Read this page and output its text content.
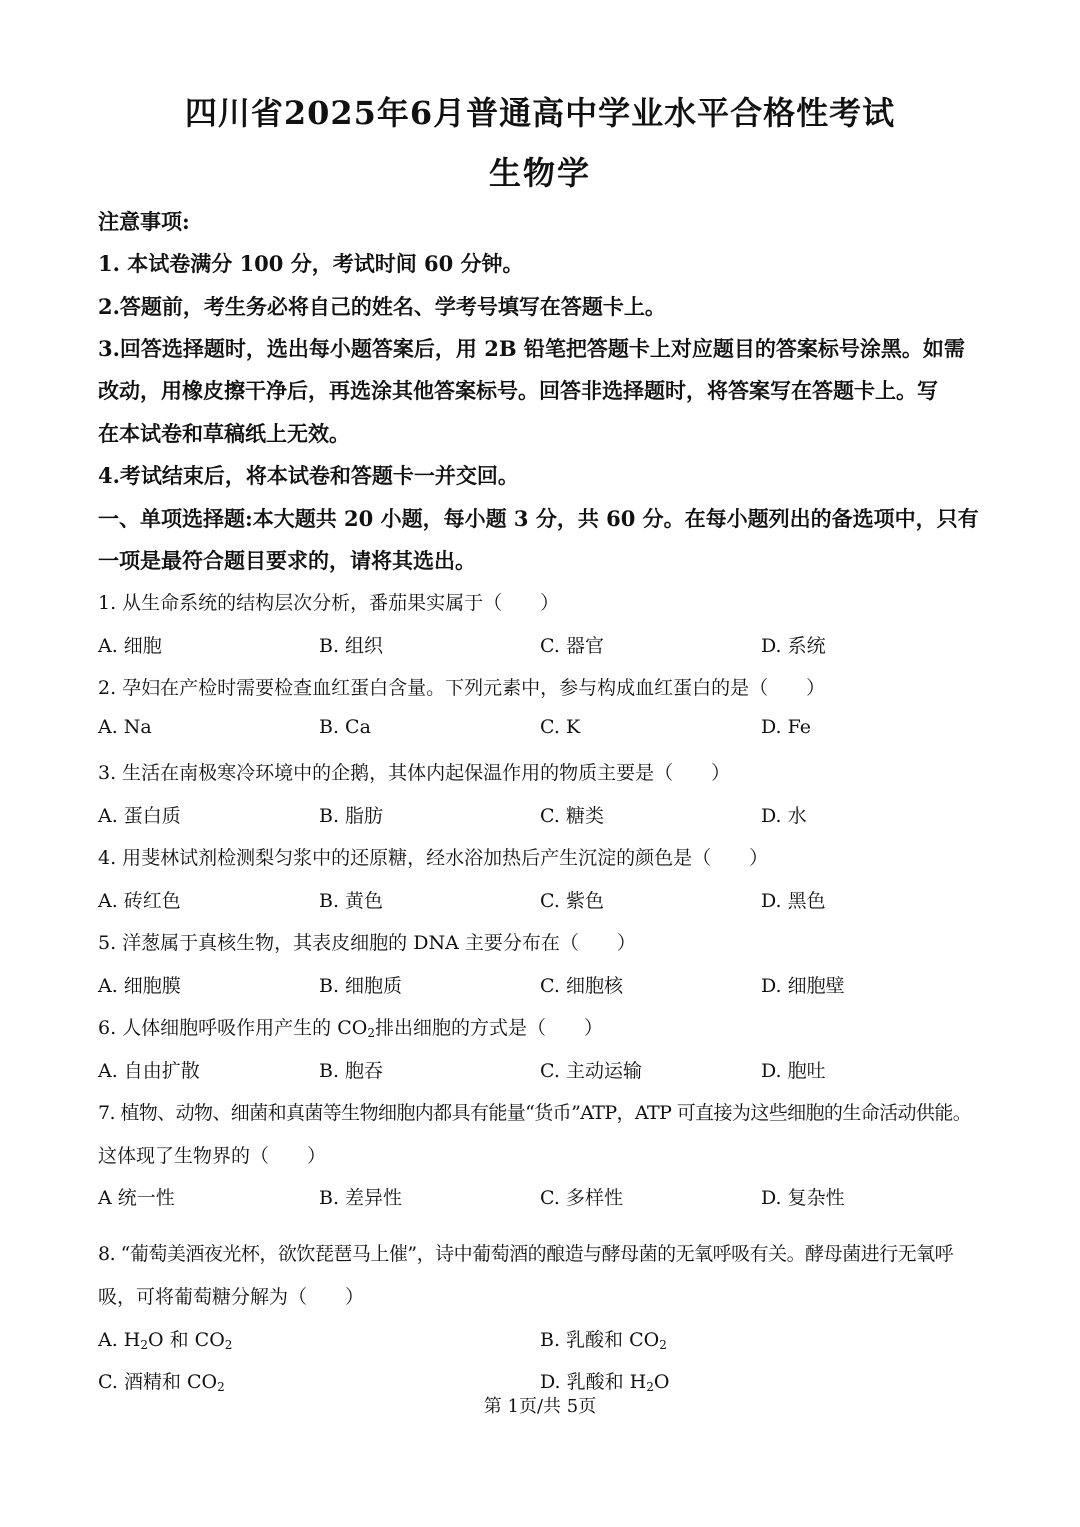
四川省2025年6月普通高中学业水平合格性考试
生物学
注意事项:
1. 本试卷满分 100 分，考试时间 60 分钟。
2.答题前，考生务必将自己的姓名、学考号填写在答题卡上。
3.回答选择题时，选出每小题答案后，用 2B 铅笔把答题卡上对应题目的答案标号涂黑。如需
改动，用橡皮擦干净后，再选涂其他答案标号。回答非选择题时，将答案写在答题卡上。写
在本试卷和草稿纸上无效。
4.考试结束后，将本试卷和答题卡一并交回。
一、单项选择题:本大题共 20 小题，每小题 3 分，共 60 分。在每小题列出的备选项中，只有
一项是最符合题目要求的，请将其选出。
1. 从生命系统的结构层次分析，番茄果实属于（　　）
A. 细胞	B. 组织	C. 器官	D. 系统
2. 孕妇在产检时需要检查血红蛋白含量。下列元素中，参与构成血红蛋白的是（　　）
A. Na	B. Ca	C. K	D. Fe
3. 生活在南极寒冷环境中的企鹅，其体内起保温作用的物质主要是（　　）
A. 蛋白质	B. 脂肪	C. 糖类	D. 水
4. 用斐林试剂检测梨匀浆中的还原糖，经水浴加热后产生沉淀的颜色是（　　）
A. 砖红色	B. 黄色	C. 紫色	D. 黑色
5. 洋葱属于真核生物，其表皮细胞的 DNA 主要分布在（　　）
A. 细胞膜	B. 细胞质	C. 细胞核	D. 细胞壁
6. 人体细胞呼吸作用产生的 $CO_2$排出细胞的方式是（　　）
A. 自由扩散	B. 胞吞	C. 主动运输	D. 胞吐
7. 植物、动物、细菌和真菌等生物细胞内都具有能量“货币”ATP，ATP 可直接为这些细胞的生命活动供能。
这体现了生物界的（　　）
A 统一性	B. 差异性	C. 多样性	D. 复杂性
8. “葡萄美酒夜光杯，欲饮琵琶马上催”，诗中葡萄酒的酿造与酵母菌的无氧呼吸有关。酵母菌进行无氧呼
吸，可将葡萄糖分解为（　　）
A. $H_2O$ 和 $CO_2$	B. 乳酸和 $CO_2$
C. 酒精和 $CO_2$	D. 乳酸和 $H_2O$
第 1页/共 5页
